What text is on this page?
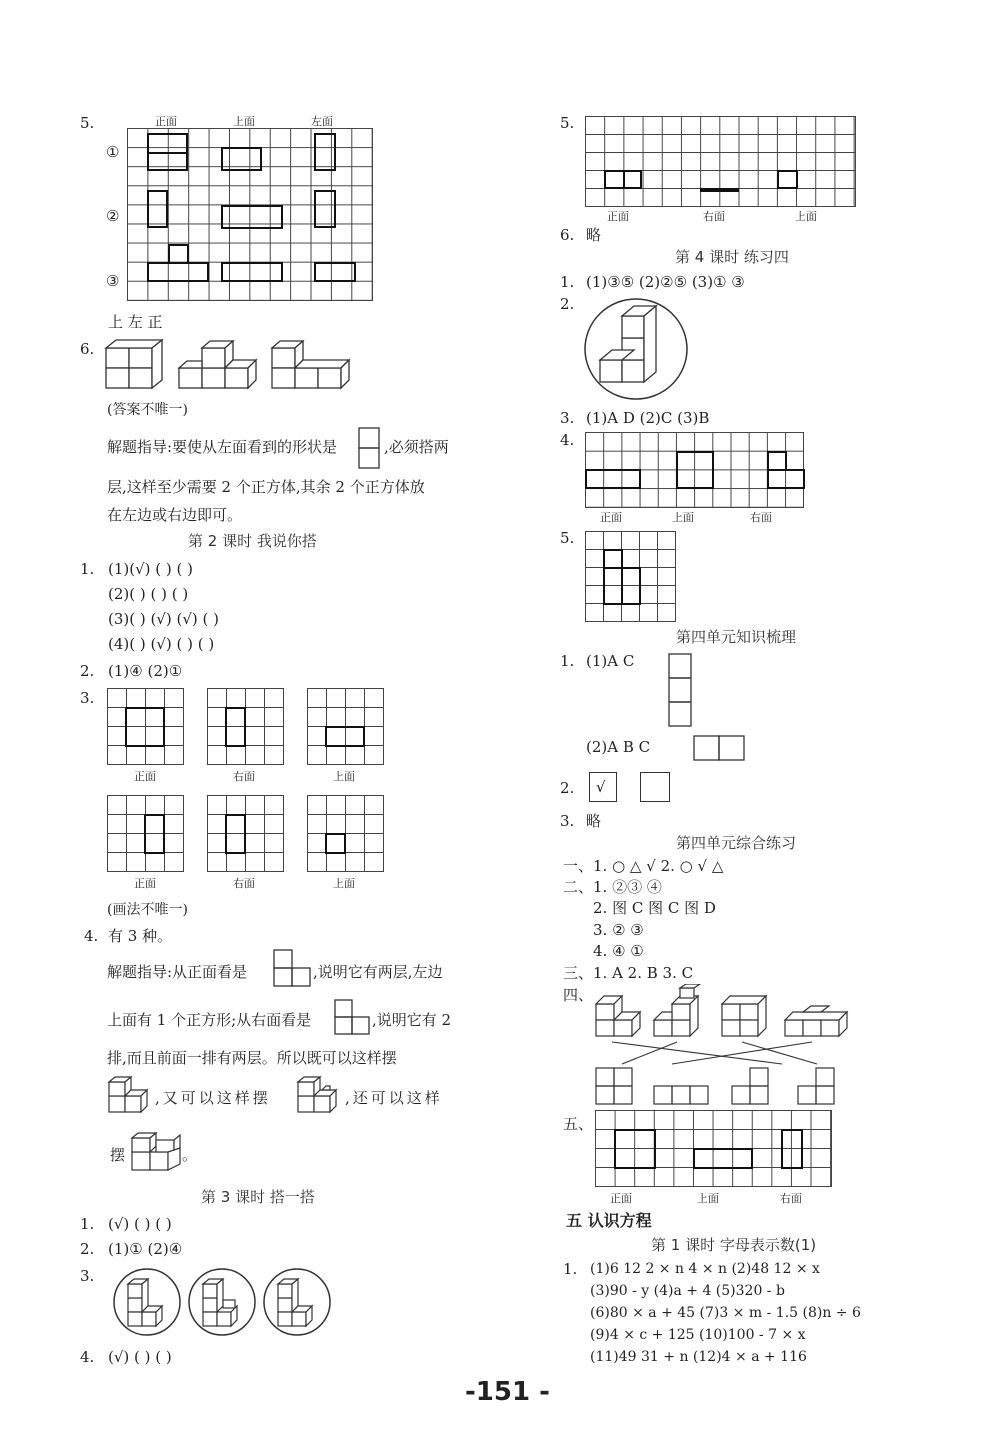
5.	正面	上面	左面
①
②
③
上 左 正
6.
(答案不唯一)
解题指导:要使从左面看到的形状是	,必须搭两
层,这样至少需要 2 个正方体,其余 2 个正方体放
在左边或右边即可。
第 2 课时 我说你搭
1. (1)(√) ( ) ( )
(2)( ) ( ) ( )
(3)( ) (√) (√) ( )
(4)( ) (√) ( ) ( )
2. (1)④ (2)①
3.
正面	右面	上面
正面	右面	上面
(画法不唯一)
4. 有 3 种。
解题指导:从正面看是	,说明它有两层,左边
上面有 1 个正方形;从右面看是	,说明它有 2
排,而且前面一排有两层。所以既可以这样摆
,又可以这样摆	,还可以这样
摆	。
第 3 课时 搭一搭
1. (√) ( ) ( )
2. (1)① (2)④
3.
4. (√) ( ) ( )
5.
正面	右面	上面
6. 略
第 4 课时 练习四
1. (1)③⑤ (2)②⑤ (3)① ③
2.
3. (1)A D (2)C (3)B
4.
正面	上面	右面
5.
第四单元知识梳理
1. (1)A C
(2)A B C
2. √
3. 略
第四单元综合练习
一、1. ○ △ √ 2. ○ √ △
二、1. ②③ ④
2. 图 C 图 C 图 D
3. ② ③
4. ④ ①
三、1. A 2. B 3. C
四、
五、
正面	上面	右面
五 认识方程
第 1 课时 字母表示数(1)
1. (1)6 12 2 × n 4 × n (2)48 12 × x
(3)90 - y (4)a + 4 (5)320 - b
(6)80 × a + 45 (7)3 × m - 1.5 (8)n ÷ 6
(9)4 × c + 125 (10)100 - 7 × x
(11)49 31 + n (12)4 × a + 116
-151 -
